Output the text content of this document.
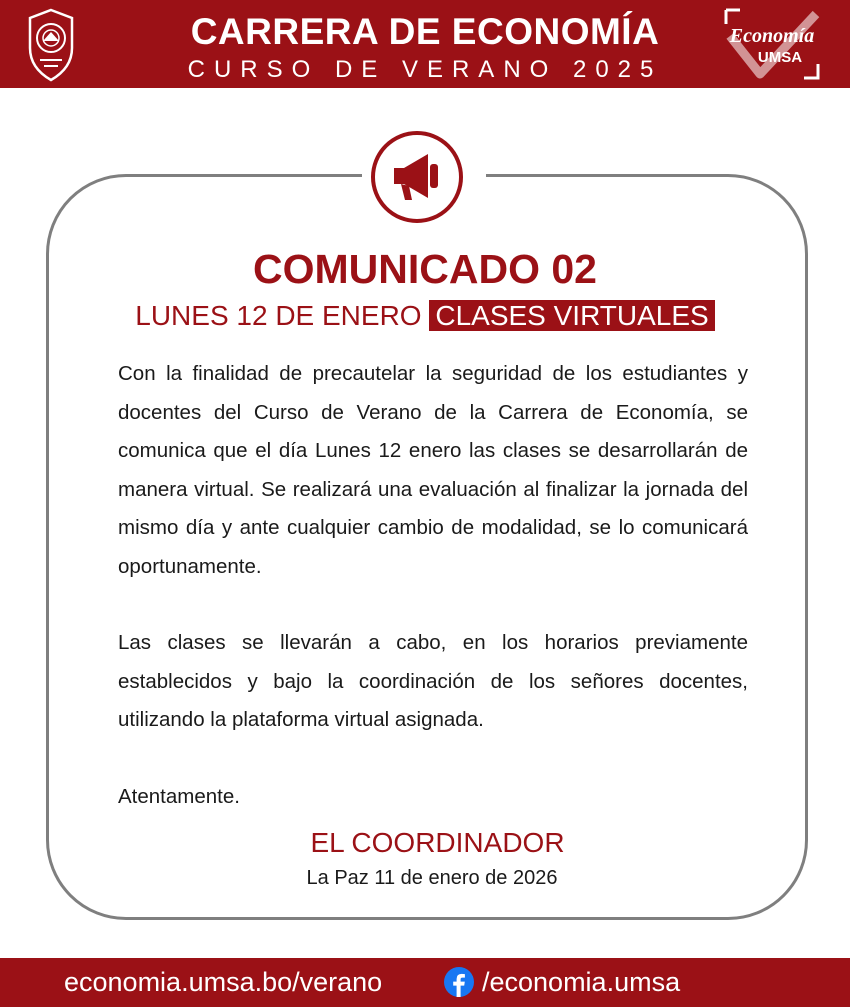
CARRERA DE ECONOMÍA
CURSO DE VERANO 2025
Economía
UMSA
COMUNICADO 02
LUNES 12 DE ENERO CLASES VIRTUALES

Con la finalidad de precautelar la seguridad de los estudiantes y docentes del Curso de Verano de la Carrera de Economía, se comunica que el día Lunes 12 enero las clases se desarrollarán de manera virtual. Se realizará una evaluación al finalizar la jornada del mismo día y ante cualquier cambio de modalidad, se lo comunicará oportunamente.

Las clases se llevarán a cabo, en los horarios previamente establecidos y bajo la coordinación de los señores docentes, utilizando la plataforma virtual asignada.

Atentamente.

EL COORDINADOR
La Paz 11 de enero de 2026
economia.umsa.bo/verano	/economia.umsa
